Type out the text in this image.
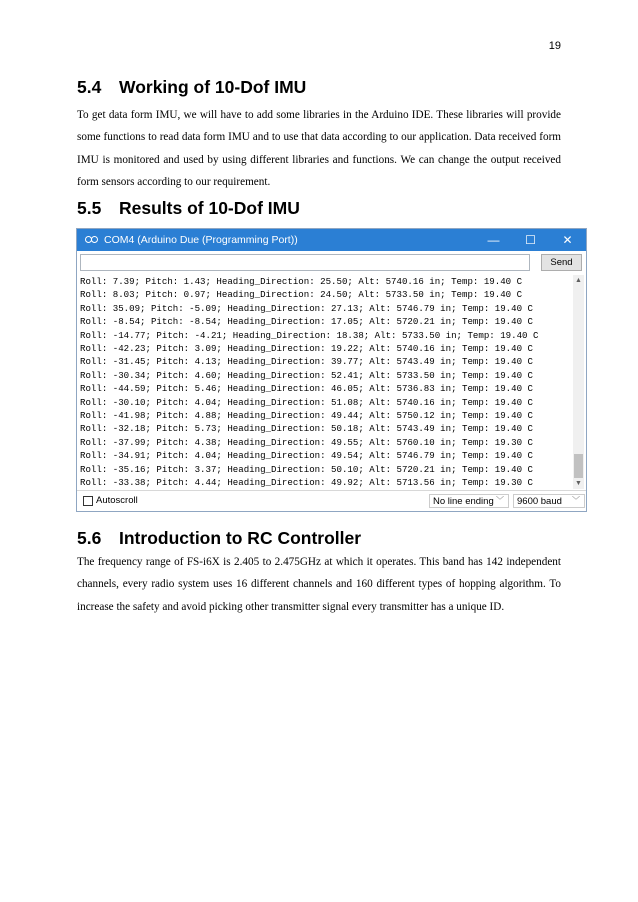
19
5.4 Working of 10-Dof IMU

To get data form IMU, we will have to add some libraries in the Arduino IDE. These libraries will provide some functions to read data form IMU and to use that data according to our application. Data received form IMU is monitored and used by using different libraries and functions. We can change the output received form sensors according to our requirement.

5.5 Results of 10-Dof IMU
COM4 (Arduino Due (Programming Port))	—	☐	✕
Send
Roll: 7.39; Pitch: 1.43; Heading_Direction: 25.50; Alt: 5740.16 in; Temp: 19.40 C
Roll: 8.03; Pitch: 0.97; Heading_Direction: 24.50; Alt: 5733.50 in; Temp: 19.40 C
Roll: 35.09; Pitch: -5.09; Heading_Direction: 27.13; Alt: 5746.79 in; Temp: 19.40 C
Roll: -8.54; Pitch: -8.54; Heading_Direction: 17.05; Alt: 5720.21 in; Temp: 19.40 C
Roll: -14.77; Pitch: -4.21; Heading_Direction: 18.38; Alt: 5733.50 in; Temp: 19.40 C
Roll: -42.23; Pitch: 3.09; Heading_Direction: 19.22; Alt: 5740.16 in; Temp: 19.40 C
Roll: -31.45; Pitch: 4.13; Heading_Direction: 39.77; Alt: 5743.49 in; Temp: 19.40 C
Roll: -30.34; Pitch: 4.60; Heading_Direction: 52.41; Alt: 5733.50 in; Temp: 19.40 C
Roll: -44.59; Pitch: 5.46; Heading_Direction: 46.05; Alt: 5736.83 in; Temp: 19.40 C
Roll: -30.10; Pitch: 4.04; Heading_Direction: 51.08; Alt: 5740.16 in; Temp: 19.40 C
Roll: -41.98; Pitch: 4.88; Heading_Direction: 49.44; Alt: 5750.12 in; Temp: 19.40 C
Roll: -32.18; Pitch: 5.73; Heading_Direction: 50.18; Alt: 5743.49 in; Temp: 19.40 C
Roll: -37.99; Pitch: 4.38; Heading_Direction: 49.55; Alt: 5760.10 in; Temp: 19.30 C
Roll: -34.91; Pitch: 4.04; Heading_Direction: 49.54; Alt: 5746.79 in; Temp: 19.40 C
Roll: -35.16; Pitch: 3.37; Heading_Direction: 50.10; Alt: 5720.21 in; Temp: 19.40 C
Roll: -33.38; Pitch: 4.44; Heading_Direction: 49.92; Alt: 5713.56 in; Temp: 19.30 C
▲
▼
Autoscroll	No line ending ﹀ 9600 baud ﹀
5.6 Introduction to RC Controller

The frequency range of FS-i6X is 2.405 to 2.475GHz at which it operates. This band has 142 independent channels, every radio system uses 16 different channels and 160 different types of hopping algorithm. To increase the safety and avoid picking other transmitter signal every transmitter has a unique ID.
